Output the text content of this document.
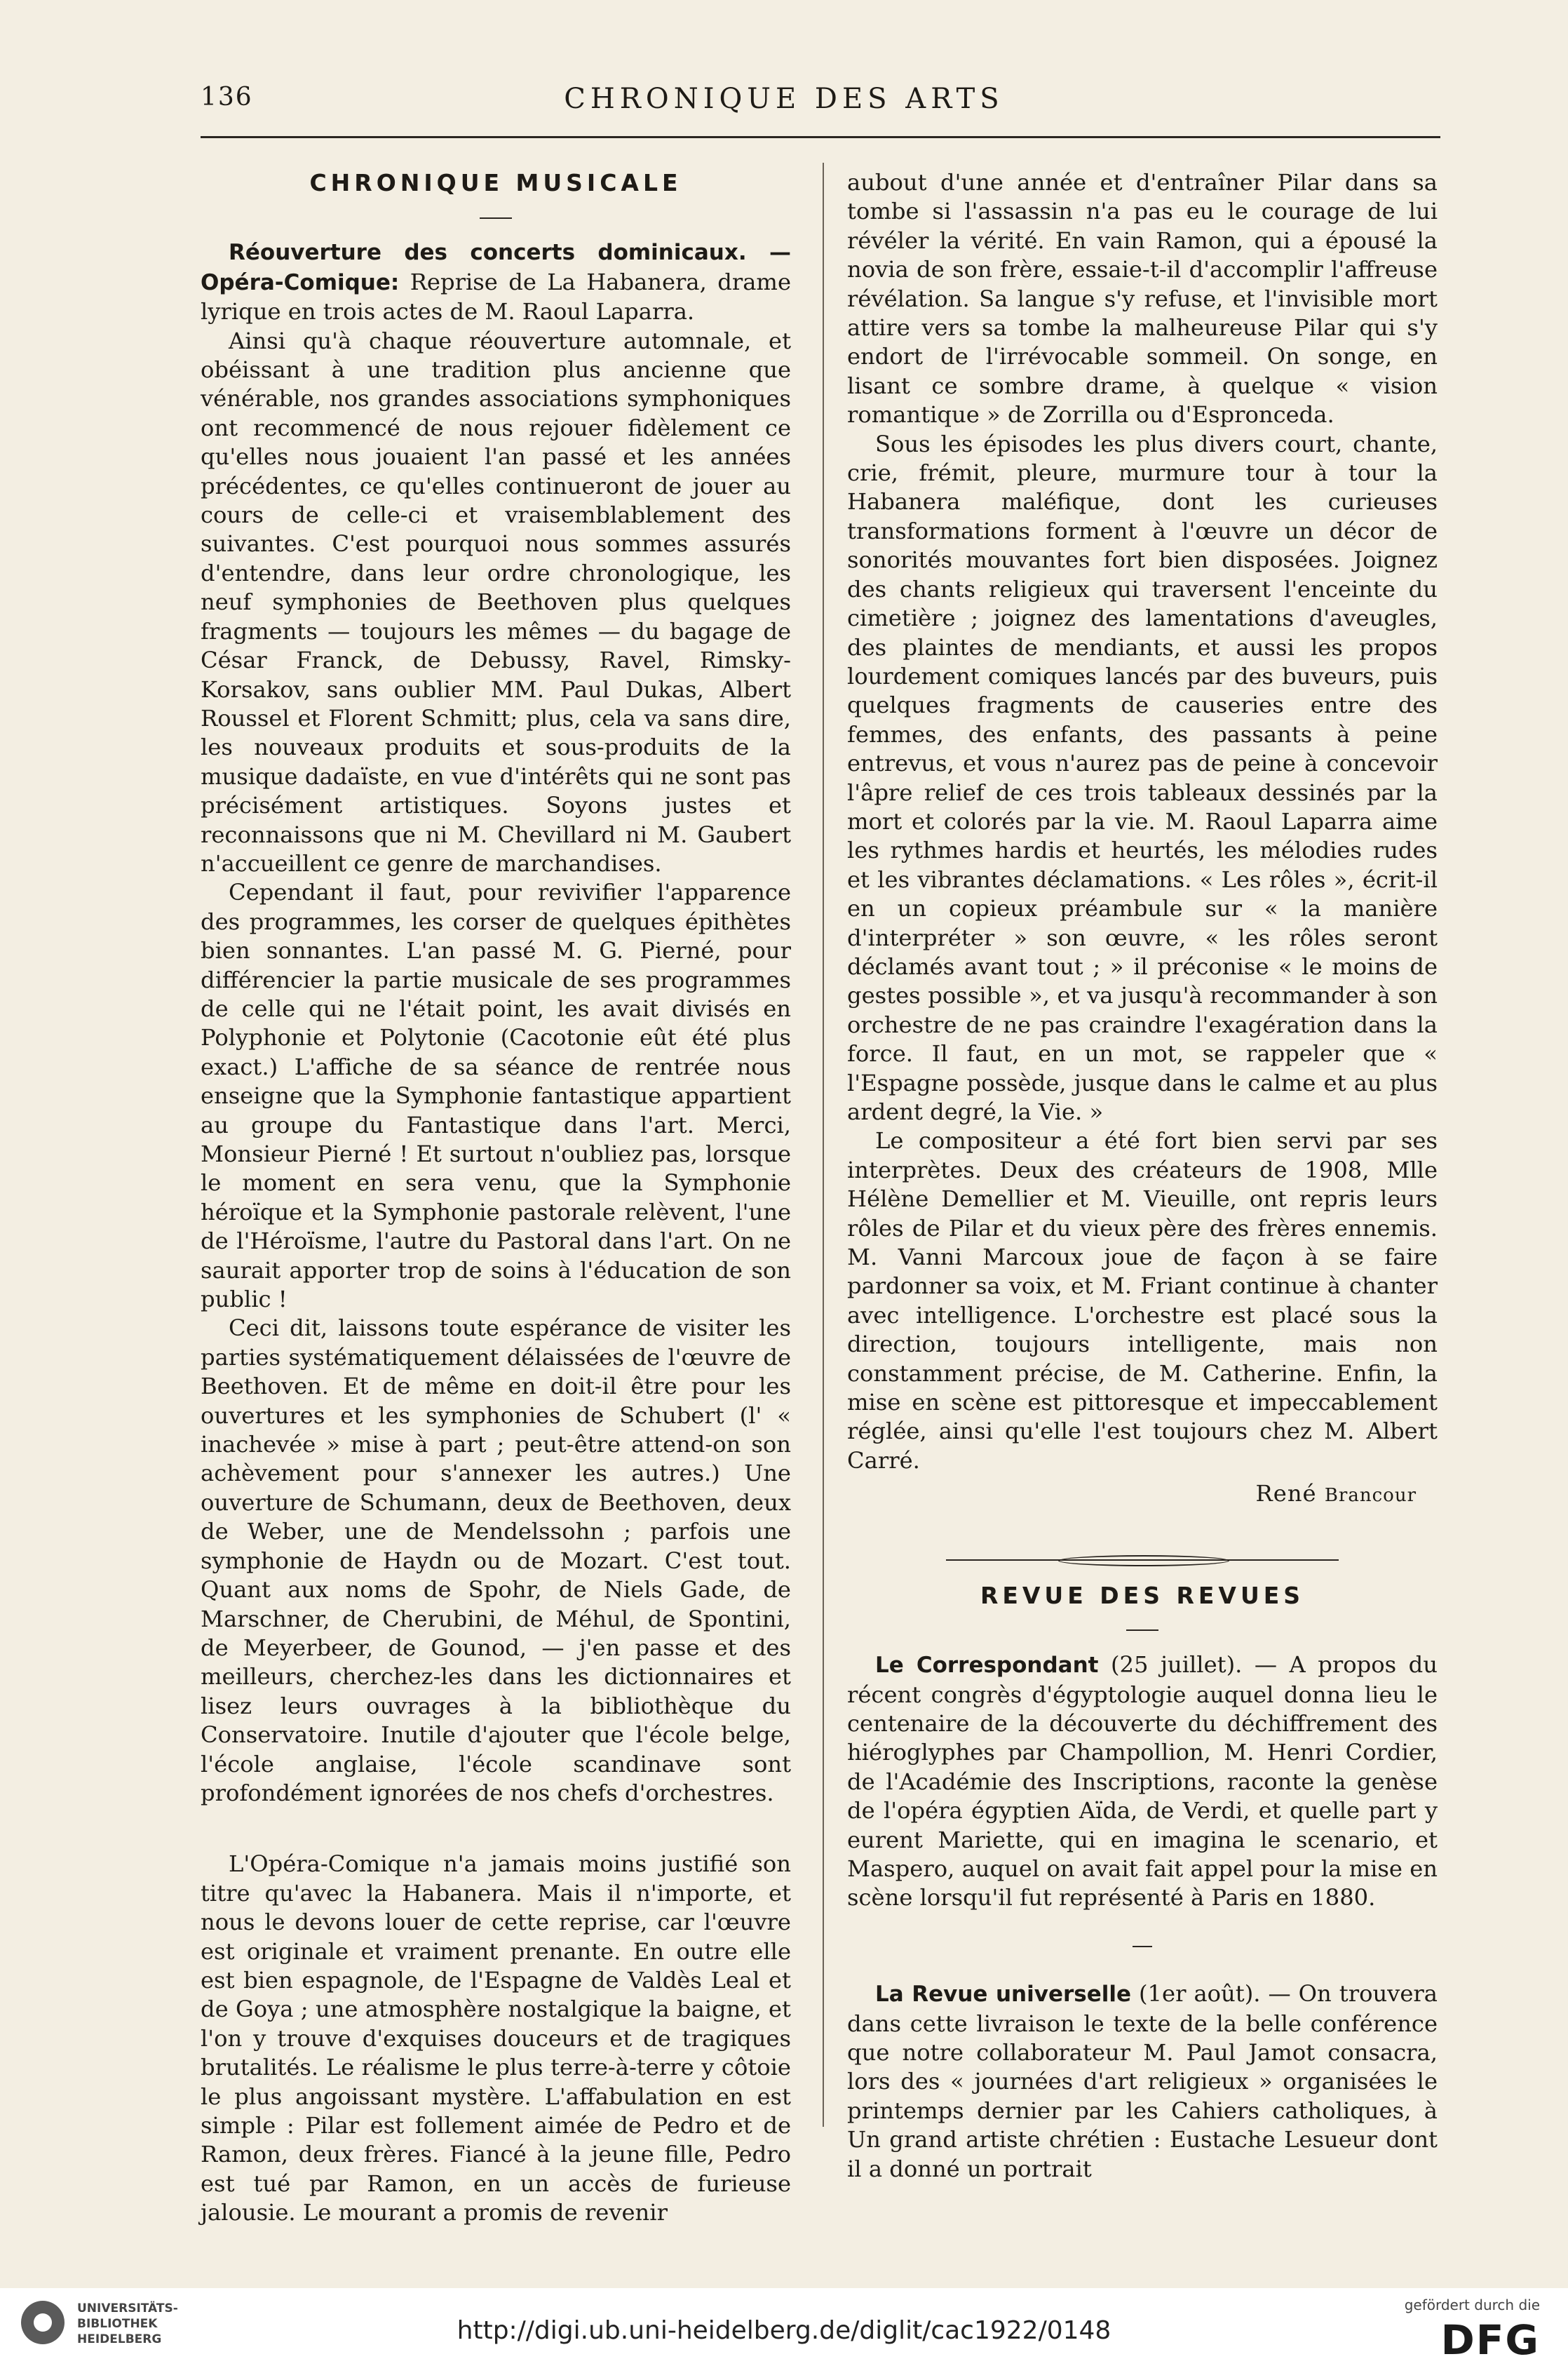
136	CHRONIQUE DES ARTS
CHRONIQUE MUSICALE

Réouverture des concerts dominicaux. — Opéra-Comique: Reprise de La Habanera, drame lyrique en trois actes de M. Raoul Laparra.

Ainsi qu'à chaque réouverture automnale, et obéissant à une tradition plus ancienne que vénérable, nos grandes associations symphoniques ont recommencé de nous rejouer fidèlement ce qu'elles nous jouaient l'an passé et les années précédentes, ce qu'elles continueront de jouer au cours de celle-ci et vraisemblablement des suivantes. C'est pourquoi nous sommes assurés d'entendre, dans leur ordre chronologique, les neuf symphonies de Beethoven plus quelques fragments — toujours les mêmes — du bagage de César Franck, de Debussy, Ravel, Rimsky-Korsakov, sans oublier MM. Paul Dukas, Albert Roussel et Florent Schmitt; plus, cela va sans dire, les nouveaux produits et sous-produits de la musique dadaïste, en vue d'intérêts qui ne sont pas précisément artistiques. Soyons justes et reconnaissons que ni M. Chevillard ni M. Gaubert n'accueillent ce genre de marchandises.

Cependant il faut, pour revivifier l'apparence des programmes, les corser de quelques épithètes bien sonnantes. L'an passé M. G. Pierné, pour différencier la partie musicale de ses programmes de celle qui ne l'était point, les avait divisés en Polyphonie et Polytonie (Cacotonie eût été plus exact.) L'affiche de sa séance de rentrée nous enseigne que la Symphonie fantastique appartient au groupe du Fantastique dans l'art. Merci, Monsieur Pierné ! Et surtout n'oubliez pas, lorsque le moment en sera venu, que la Symphonie héroïque et la Symphonie pastorale relèvent, l'une de l'Héroïsme, l'autre du Pastoral dans l'art. On ne saurait apporter trop de soins à l'éducation de son public !

Ceci dit, laissons toute espérance de visiter les parties systématiquement délaissées de l'œuvre de Beethoven. Et de même en doit-il être pour les ouvertures et les symphonies de Schubert (l' « inachevée » mise à part ; peut-être attend-on son achèvement pour s'annexer les autres.) Une ouverture de Schumann, deux de Beethoven, deux de Weber, une de Mendelssohn ; parfois une symphonie de Haydn ou de Mozart. C'est tout. Quant aux noms de Spohr, de Niels Gade, de Marschner, de Cherubini, de Méhul, de Spontini, de Meyerbeer, de Gounod, — j'en passe et des meilleurs, cherchez-les dans les dictionnaires et lisez leurs ouvrages à la bibliothèque du Conservatoire. Inutile d'ajouter que l'école belge, l'école anglaise, l'école scandinave sont profondément ignorées de nos chefs d'orchestres.

L'Opéra-Comique n'a jamais moins justifié son titre qu'avec la Habanera. Mais il n'importe, et nous le devons louer de cette reprise, car l'œuvre est originale et vraiment prenante. En outre elle est bien espagnole, de l'Espagne de Valdès Leal et de Goya ; une atmosphère nostalgique la baigne, et l'on y trouve d'exquises douceurs et de tragiques brutalités. Le réalisme le plus terre-à-terre y côtoie le plus angoissant mystère. L'affabulation en est simple : Pilar est follement aimée de Pedro et de Ramon, deux frères. Fiancé à la jeune fille, Pedro est tué par Ramon, en un accès de furieuse jalousie. Le mourant a promis de revenir

aubout d'une année et d'entraîner Pilar dans sa tombe si l'assassin n'a pas eu le courage de lui révéler la vérité. En vain Ramon, qui a épousé la novia de son frère, essaie-t-il d'accomplir l'affreuse révélation. Sa langue s'y refuse, et l'invisible mort attire vers sa tombe la malheureuse Pilar qui s'y endort de l'irrévocable sommeil. On songe, en lisant ce sombre drame, à quelque « vision romantique » de Zorrilla ou d'Espronceda.

Sous les épisodes les plus divers court, chante, crie, frémit, pleure, murmure tour à tour la Habanera maléfique, dont les curieuses transformations forment à l'œuvre un décor de sonorités mouvantes fort bien disposées. Joignez des chants religieux qui traversent l'enceinte du cimetière ; joignez des lamentations d'aveugles, des plaintes de mendiants, et aussi les propos lourdement comiques lancés par des buveurs, puis quelques fragments de causeries entre des femmes, des enfants, des passants à peine entrevus, et vous n'aurez pas de peine à concevoir l'âpre relief de ces trois tableaux dessinés par la mort et colorés par la vie. M. Raoul Laparra aime les rythmes hardis et heurtés, les mélodies rudes et les vibrantes déclamations. « Les rôles », écrit-il en un copieux préambule sur « la manière d'interpréter » son œuvre, « les rôles seront déclamés avant tout ; » il préconise « le moins de gestes possible », et va jusqu'à recommander à son orchestre de ne pas craindre l'exagération dans la force. Il faut, en un mot, se rappeler que « l'Espagne possède, jusque dans le calme et au plus ardent degré, la Vie. »

Le compositeur a été fort bien servi par ses interprètes. Deux des créateurs de 1908, Mlle Hélène Demellier et M. Vieuille, ont repris leurs rôles de Pilar et du vieux père des frères ennemis. M. Vanni Marcoux joue de façon à se faire pardonner sa voix, et M. Friant continue à chanter avec intelligence. L'orchestre est placé sous la direction, toujours intelligente, mais non constamment précise, de M. Catherine. Enfin, la mise en scène est pittoresque et impeccablement réglée, ainsi qu'elle l'est toujours chez M. Albert Carré.

René Brancour
REVUE DES REVUES

Le Correspondant (25 juillet). — A propos du récent congrès d'égyptologie auquel donna lieu le centenaire de la découverte du déchiffrement des hiéroglyphes par Champollion, M. Henri Cordier, de l'Académie des Inscriptions, raconte la genèse de l'opéra égyptien Aïda, de Verdi, et quelle part y eurent Mariette, qui en imagina le scenario, et Maspero, auquel on avait fait appel pour la mise en scène lorsqu'il fut représenté à Paris en 1880.

La Revue universelle (1er août). — On trouvera dans cette livraison le texte de la belle conférence que notre collaborateur M. Paul Jamot consacra, lors des « journées d'art religieux » organisées le printemps dernier par les Cahiers catholiques, à Un grand artiste chrétien : Eustache Lesueur dont il a donné un portrait

UNIVERSITÄTS-
BIBLIOTHEK
HEIDELBERG	http://digi.ub.uni-heidelberg.de/diglit/cac1922/0148
gefördert durch die
DFG
